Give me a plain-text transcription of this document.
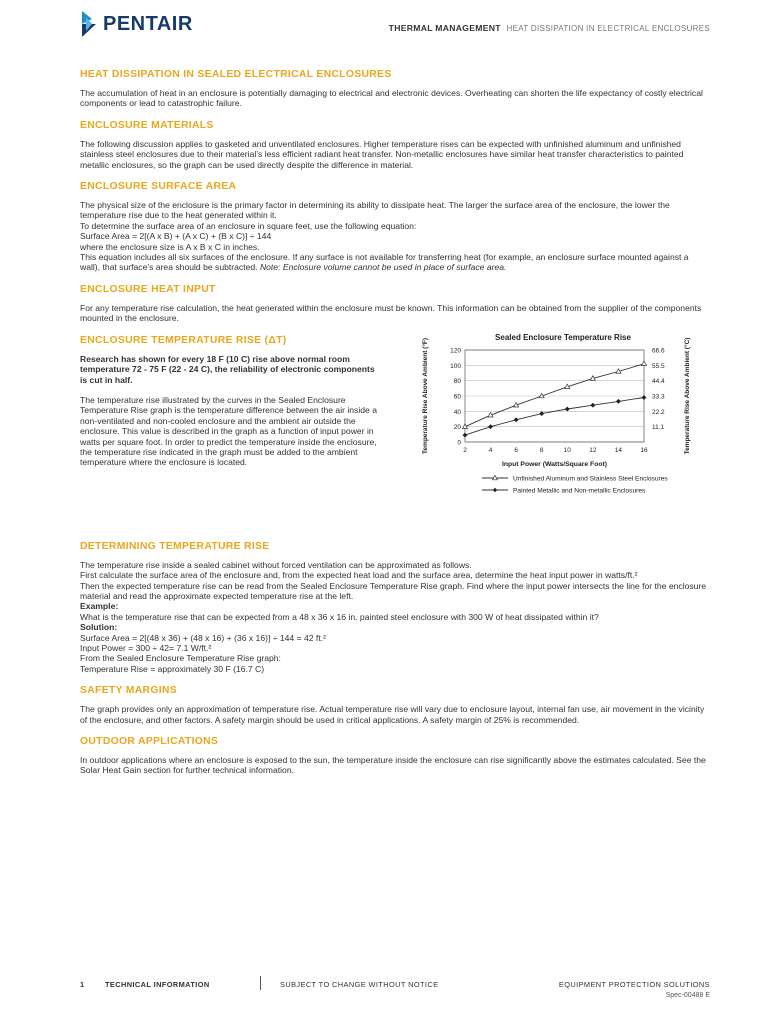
PENTAIR	THERMAL MANAGEMENT HEAT DISSIPATION IN ELECTRICAL ENCLOSURES
HEAT DISSIPATION IN SEALED ELECTRICAL ENCLOSURES

The accumulation of heat in an enclosure is potentially damaging to electrical and electronic devices. Overheating can shorten the life expectancy of costly electrical components or lead to catastrophic failure.

ENCLOSURE MATERIALS

The following discussion applies to gasketed and unventilated enclosures. Higher temperature rises can be expected with unfinished aluminum and unfinished stainless steel enclosures due to their material’s less efficient radiant heat transfer. Non-metallic enclosures have similar heat transfer characteristics to painted metallic enclosures, so the graph can be used directly despite the difference in material.

ENCLOSURE SURFACE AREA

The physical size of the enclosure is the primary factor in determining its ability to dissipate heat. The larger the surface area of the enclosure, the lower the temperature rise due to the heat generated within it.

To determine the surface area of an enclosure in square feet, use the following equation:

Surface Area = 2[(A x B) + (A x C) + (B x C)] ÷ 144

where the enclosure size is A x B x C in inches.

This equation includes all six surfaces of the enclosure. If any surface is not available for transferring heat (for example, an enclosure surface mounted against a wall), that surface’s area should be subtracted. Note: Enclosure volume cannot be used in place of surface area.

ENCLOSURE HEAT INPUT

For any temperature rise calculation, the heat generated within the enclosure must be known. This information can be obtained from the supplier of the components mounted in the enclosure.

ENCLOSURE TEMPERATURE RISE (ΔT)

Research has shown for every 18 F (10 C) rise above normal room temperature 72 - 75 F (22 - 24 C), the reliability of electronic components is cut in half.

The temperature rise illustrated by the curves in the Sealed Enclosure Temperature Rise graph is the temperature difference between the air inside a non-ventilated and non-cooled enclosure and the ambient air outside the enclosure. This value is described in the graph as a function of input power in watts per square foot. In order to predict the temperature inside the enclosure, the temperature rise indicated in the graph must be added to the ambient temperature where the enclosure is located.

Sealed Enclosure Temperature Rise
0
20
40
60
80
100
120
11.1
22.2
33.3
44.4
55.5
66.6
2	4	6	8	10	12	14	16
Input Power (Watts/Square Foot)
Temperature Rise Above Ambient (°F)	Temperature Rise Above Ambient (°C)
Unfinished Aluminum and Stainless Steel Enclosures
Painted Metallic and Non-metallic Enclosures
DETERMINING TEMPERATURE RISE

The temperature rise inside a sealed cabinet without forced ventilation can be approximated as follows.

First calculate the surface area of the enclosure and, from the expected heat load and the surface area, determine the heat input power in watts/ft.²

Then the expected temperature rise can be read from the Sealed Enclosure Temperature Rise graph. Find where the input power intersects the line for the enclosure material and read the approximate expected temperature rise at the left.

Example:

What is the temperature rise that can be expected from a 48 x 36 x 16 in. painted steel enclosure with 300 W of heat dissipated within it?

Solution:

Surface Area = 2[(48 x 36) + (48 x 16) + (36 x 16)] ÷ 144 = 42 ft.²

Input Power = 300 ÷ 42= 7.1 W/ft.²

From the Sealed Enclosure Temperature Rise graph:

Temperature Rise = approximately 30 F (16.7 C)

SAFETY MARGINS

The graph provides only an approximation of temperature rise. Actual temperature rise will vary due to enclosure layout, internal fan use, air movement in the vicinity of the enclosure, and other factors. A safety margin should be used in critical applications. A safety margin of 25% is recommended.

OUTDOOR APPLICATIONS

In outdoor applications where an enclosure is exposed to the sun, the temperature inside the enclosure can rise significantly above the estimates calculated. See the Solar Heat Gain section for further technical information.

1	TECHNICAL INFORMATION	SUBJECT TO CHANGE WITHOUT NOTICE	EQUIPMENT PROTECTION SOLUTIONS
Spec-00488 E
